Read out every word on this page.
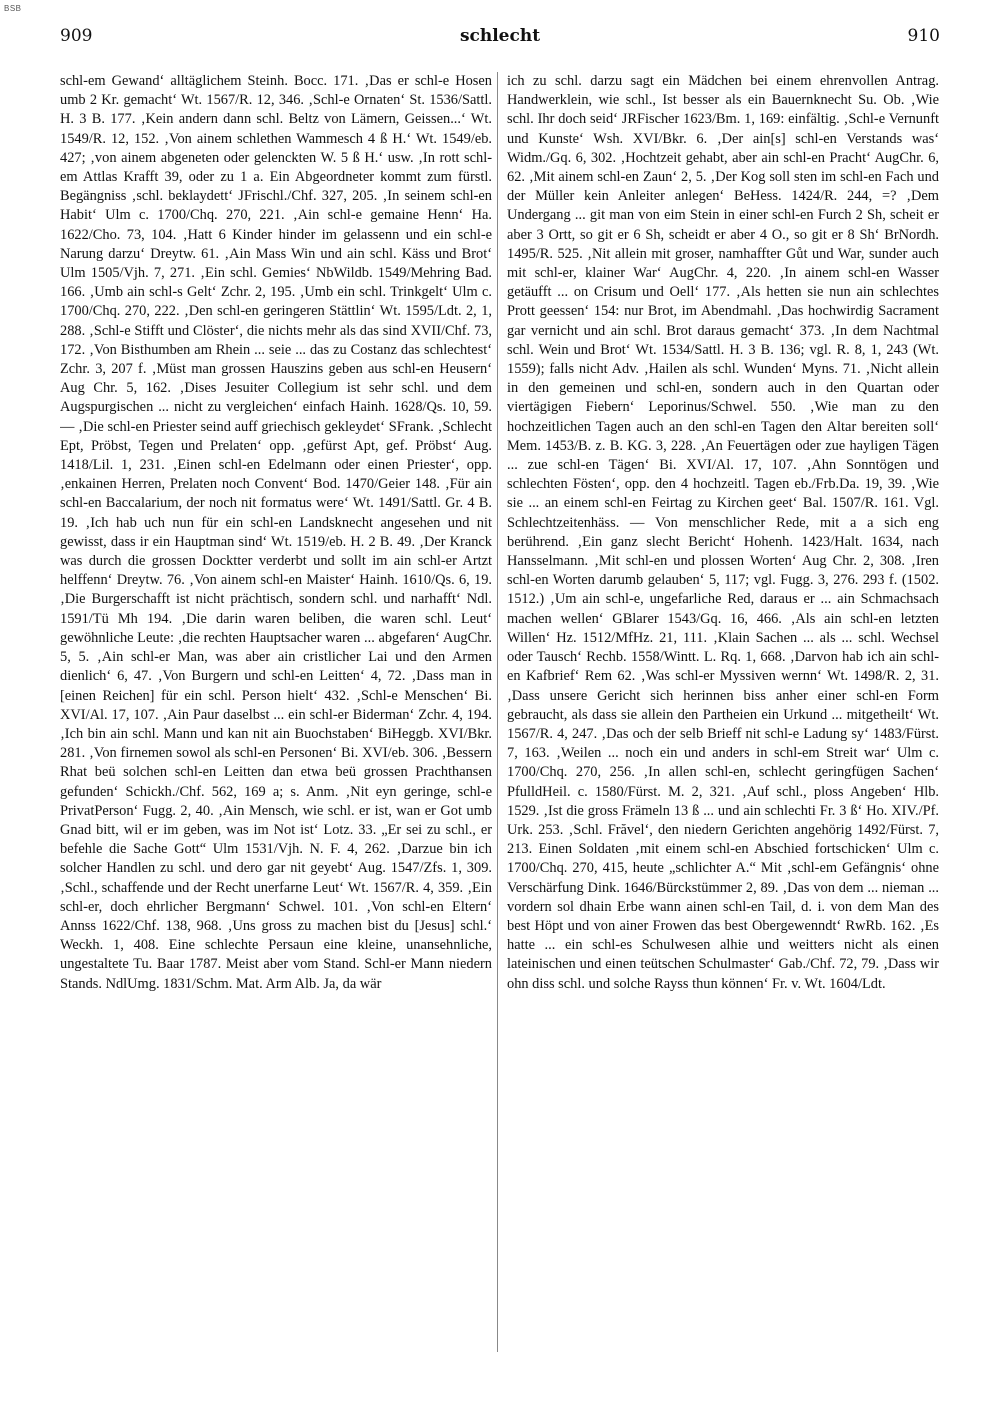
BSB
909	schlecht	910
schl-em Gewand‘ alltäglichem Steinh. Bocc. 171. ‚Das er schl-e Hosen umb 2 Kr. gemacht‘ Wt. 1567/R. 12, 346. ‚Schl-e Ornaten‘ St. 1536/Sattl. H. 3 B. 177. ‚Kein andern dann schl. Beltz von Lämern, Geissen...‘ Wt. 1549/R. 12, 152. ‚Von ainem schlethen Wammesch 4 ß H.‘ Wt. 1549/eb. 427; ‚von ainem abgeneten oder gelenckten W. 5 ß H.‘ usw. ‚In rott schl-em Attlas Krafft 39, oder zu 1 a. Ein Abgeordneter kommt zum fürstl. Begängniss ‚schl. beklaydett‘ JFrischl./Chf. 327, 205. ‚In seinem schl-en Habit‘ Ulm c. 1700/Chq. 270, 221. ‚Ain schl-e gemaine Henn‘ Ha. 1622/Cho. 73, 104. ‚Hatt 6 Kinder hinder im gelassenn und ein schl-e Narung darzu‘ Dreytw. 61. ‚Ain Mass Win und ain schl. Käss und Brot‘ Ulm 1505/Vjh. 7, 271. ‚Ein schl. Gemies‘ NbWildb. 1549/Mehring Bad. 166. ‚Umb ain schl-s Gelt‘ Zchr. 2, 195. ‚Umb ein schl. Trinkgelt‘ Ulm c. 1700/Chq. 270, 222. ‚Den schl-en geringeren Stättlin‘ Wt. 1595/Ldt. 2, 1, 288. ‚Schl-e Stifft und Clöster‘, die nichts mehr als das sind XVII/Chf. 73, 172. ‚Von Bisthumben am Rhein ... seie ... das zu Costanz das schlechtest‘ Zchr. 3, 207 f. ‚Müst man grossen Hauszins geben aus schl-en Heusern‘ Aug Chr. 5, 162. ‚Dises Jesuiter Collegium ist sehr schl. und dem Augspurgischen ... nicht zu vergleichen‘ einfach Hainh. 1628/Qs. 10, 59. — ‚Die schl-en Priester seind auff griechisch gekleydet‘ SFrank. ‚Schlecht Ept, Pröbst, Tegen und Prelaten‘ opp. ‚gefürst Apt, gef. Pröbst‘ Aug. 1418/Lil. 1, 231. ‚Einen schl-en Edelmann oder einen Priester‘, opp. ‚enkainen Herren, Prelaten noch Convent‘ Bod. 1470/Geier 148. ‚Für ain schl-en Baccalarium, der noch nit formatus were‘ Wt. 1491/Sattl. Gr. 4 B. 19. ‚Ich hab uch nun für ein schl-en Landsknecht angesehen und nit gewisst, dass ir ein Hauptman sind‘ Wt. 1519/eb. H. 2 B. 49. ‚Der Kranck was durch die grossen Docktter verderbt und sollt im ain schl-er Artzt helffenn‘ Dreytw. 76. ‚Von ainem schl-en Maister‘ Hainh. 1610/Qs. 6, 19. ‚Die Burgerschafft ist nicht prächtisch, sondern schl. und narhafft‘ Ndl. 1591/Tü Mh 194. ‚Die darin waren beliben, die waren schl. Leut‘ gewöhnliche Leute: ‚die rechten Hauptsacher waren ... abgefaren‘ AugChr. 5, 5. ‚Ain schl-er Man, was aber ain cristlicher Lai und den Armen dienlich‘ 6, 47. ‚Von Burgern und schl-en Leitten‘ 4, 72. ‚Dass man in [einen Reichen] für ein schl. Person hielt‘ 432. ‚Schl-e Menschen‘ Bi. XVI/Al. 17, 107. ‚Ain Paur daselbst ... ein schl-er Biderman‘ Zchr. 4, 194. ‚Ich bin ain schl. Mann und kan nit ain Buochstaben‘ BiHeggb. XVI/Bkr. 281. ‚Von firnemen sowol als schl-en Personen‘ Bi. XVI/eb. 306. ‚Bessern Rhat beü solchen schl-en Leitten dan etwa beü grossen Prachthansen gefunden‘ Schickh./Chf. 562, 169 a; s. Anm. ‚Nit eyn geringe, schl-e PrivatPerson‘ Fugg. 2, 40. ‚Ain Mensch, wie schl. er ist, wan er Got umb Gnad bitt, wil er im geben, was im Not ist‘ Lotz. 33. „Er sei zu schl., er befehle die Sache Gott“ Ulm 1531/Vjh. N. F. 4, 262. ‚Darzue bin ich solcher Handlen zu schl. und dero gar nit geyebt‘ Aug. 1547/Zfs. 1, 309. ‚Schl., schaffende und der Recht unerfarne Leut‘ Wt. 1567/R. 4, 359. ‚Ein schl-er, doch ehrlicher Bergmann‘ Schwel. 101. ‚Von schl-en Eltern‘ Annss 1622/Chf. 138, 968. ‚Uns gross zu machen bist du [Jesus] schl.‘ Weckh. 1, 408. Eine schlechte Persaun eine kleine, unansehnliche, ungestaltete Tu. Baar 1787. Meist aber vom Stand. Schl-er Mann niedern Stands. NdlUmg. 1831/Schm. Mat. Arm Alb. Ja, da wär
ich zu schl. darzu sagt ein Mädchen bei einem ehrenvollen Antrag. Handwerklein, wie schl., Ist besser als ein Bauernknecht Su. Ob. ‚Wie schl. Ihr doch seid‘ JRFischer 1623/Bm. 1, 169: einfältig. ‚Schl-e Vernunft und Kunste‘ Wsh. XVI/Bkr. 6. ‚Der ain[s] schl-en Verstands was‘ Widm./Gq. 6, 302. ‚Hochtzeit gehabt, aber ain schl-en Pracht‘ AugChr. 6, 62. ‚Mit ainem schl-en Zaun‘ 2, 5. ‚Der Kog soll sten im schl-en Fach und der Müller kein Anleiter anlegen‘ BeHess. 1424/R. 244, =? ‚Dem Undergang ... git man von eim Stein in einer schl-en Furch 2 Sh, scheit er aber 3 Ortt, so git er 6 Sh, scheidt er aber 4 O., so git er 8 Sh‘ BrNordh. 1495/R. 525. ‚Nit allein mit groser, namhaffter Gůt und War, sunder auch mit schl-er, klainer War‘ AugChr. 4, 220. ‚In ainem schl-en Wasser getäufft ... on Crisum und Oell‘ 177. ‚Als hetten sie nun ain schlechtes Prott geessen‘ 154: nur Brot, im Abendmahl. ‚Das hochwirdig Sacrament gar vernicht und ain schl. Brot daraus gemacht‘ 373. ‚In dem Nachtmal schl. Wein und Brot‘ Wt. 1534/Sattl. H. 3 B. 136; vgl. R. 8, 1, 243 (Wt. 1559); falls nicht Adv. ‚Hailen als schl. Wunden‘ Myns. 71. ‚Nicht allein in den gemeinen und schl-en, sondern auch in den Quartan oder viertägigen Fiebern‘ Leporinus/Schwel. 550. ‚Wie man zu den hochzeitlichen Tagen auch an den schl-en Tagen den Altar bereiten soll‘ Mem. 1453/B. z. B. KG. 3, 228. ‚An Feuertägen oder zue hayligen Tägen ... zue schl-en Tägen‘ Bi. XVI/Al. 17, 107. ‚Ahn Sonntögen und schlechten Fösten‘, opp. den 4 hochzeitl. Tagen eb./Frb.Da. 19, 39. ‚Wie sie ... an einem schl-en Feirtag zu Kirchen geet‘ Bal. 1507/R. 161. Vgl. Schlechtzeitenhäss. — Von menschlicher Rede, mit a a sich eng berührend. ‚Ein ganz slecht Bericht‘ Hohenh. 1423/Halt. 1634, nach Hansselmann. ‚Mit schl-en und plossen Worten‘ Aug Chr. 2, 308. ‚Iren schl-en Worten darumb gelauben‘ 5, 117; vgl. Fugg. 3, 276. 293 f. (1502. 1512.) ‚Um ain schl-e, ungefarliche Red, daraus er ... ain Schmachsach machen wellen‘ GBlarer 1543/Gq. 16, 466. ‚Als ain schl-en letzten Willen‘ Hz. 1512/MfHz. 21, 111. ‚Klain Sachen ... als ... schl. Wechsel oder Tausch‘ Rechb. 1558/Wintt. L. Rq. 1, 668. ‚Darvon hab ich ain schl-en Kafbrief‘ Rem 62. ‚Was schl-er Myssiven wernn‘ Wt. 1498/R. 2, 31. ‚Dass unsere Gericht sich herinnen biss anher einer schl-en Form gebraucht, als dass sie allein den Partheien ein Urkund ... mitgetheilt‘ Wt. 1567/R. 4, 247. ‚Das och der selb Brieff nit schl-e Ladung sy‘ 1483/Fürst. 7, 163. ‚Weilen ... noch ein und anders in schl-em Streit war‘ Ulm c. 1700/Chq. 270, 256. ‚In allen schl-en, schlecht geringfügen Sachen‘ PfulldHeil. c. 1580/Fürst. M. 2, 321. ‚Auf schl., ploss Angeben‘ Hlb. 1529. ‚Ist die gross Främeln 13 ß ... und ain schlechti Fr. 3 ß‘ Ho. XIV./Pf. Urk. 253. ‚Schl. Frăvel‘, den niedern Gerichten angehörig 1492/Fürst. 7, 213. Einen Soldaten ‚mit einem schl-en Abschied fortschicken‘ Ulm c. 1700/Chq. 270, 415, heute „schlichter A.“ Mit ‚schl-em Gefängnis‘ ohne Verschärfung Dink. 1646/Bürckstümmer 2, 89. ‚Das von dem ... nieman ... vordern sol dhain Erbe wann ainen schl-en Tail, d. i. von dem Man des best Höpt und von ainer Frowen das best Obergewenndt‘ RwRb. 162. ‚Es hatte ... ein schl-es Schulwesen alhie und weitters nicht als einen lateinischen und einen teütschen Schulmaster‘ Gab./Chf. 72, 79. ‚Dass wir ohn diss schl. und solche Rayss thun können‘ Fr. v. Wt. 1604/Ldt.
